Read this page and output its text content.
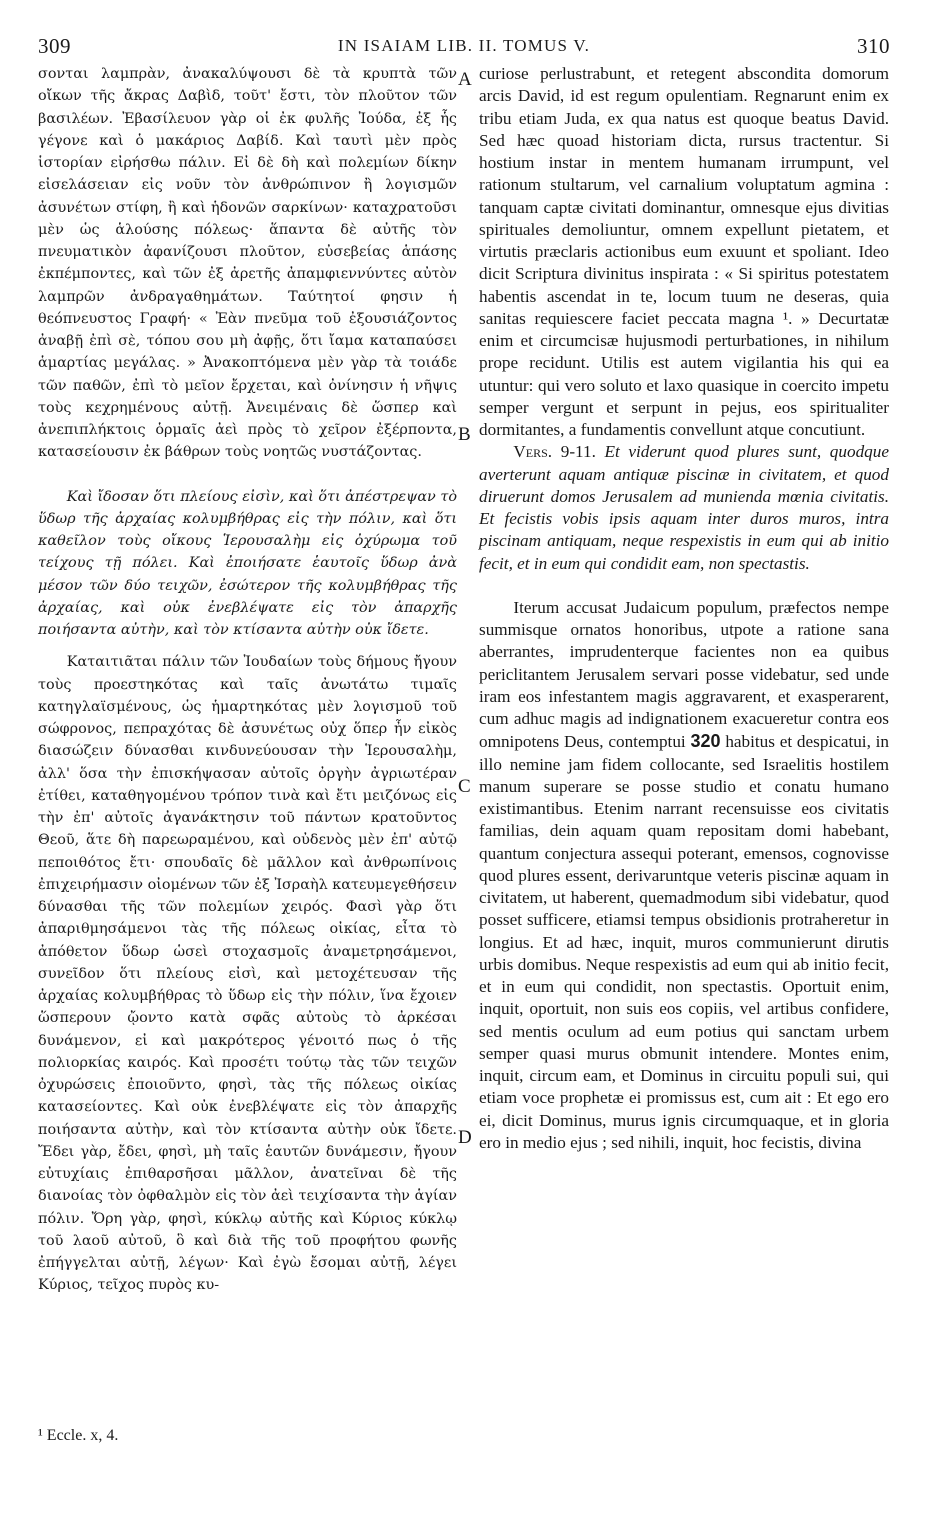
309	IN ISAIAM LIB. II. TOMUS V.	310

σονται λαμπρὰν, ἀνακαλύψουσι δὲ τὰ κρυπτὰ τῶν οἴκων τῆς ἄκρας Δαβὶδ, τοῦτ' ἔστι, τὸν πλοῦτον τῶν βασιλέων. Ἐβασίλευον γὰρ οἱ ἐκ φυλῆς Ἰούδα, ἐξ ἧς γέγονε καὶ ὁ μακάριος Δαβίδ. Καὶ ταυτὶ μὲν πρὸς ἱστορίαν εἰρήσθω πάλιν. Εἰ δὲ δὴ καὶ πολεμίων δίκην εἰσελάσειαν εἰς νοῦν τὸν ἀνθρώπινον ἢ λογισμῶν ἀσυνέτων στίφη, ἢ καὶ ἡδονῶν σαρκίνων· καταχρατοῦσι μὲν ὡς ἁλούσης πόλεως· ἅπαντα δὲ αὐτῆς τὸν πνευματικὸν ἀφανίζουσι πλοῦτον, εὐσεβείας ἁπάσης ἐκπέμποντες, καὶ τῶν ἐξ ἀρετῆς ἀπαμφιεννύντες αὐτὸν λαμπρῶν ἀνδραγαθημάτων. Ταύτητοί φησιν ἡ θεόπνευστος Γραφή· « Ἐὰν πνεῦμα τοῦ ἐξουσιάζοντος ἀναβῇ ἐπὶ σὲ, τόπου σου μὴ ἀφῇς, ὅτι ἴαμα καταπαύσει ἁμαρτίας μεγάλας. » Ἀνακοπτόμενα μὲν γὰρ τὰ τοιάδε τῶν παθῶν, ἐπὶ τὸ μεῖον ἔρχεται, καὶ ὀνίνησιν ἡ νῆψις τοὺς κεχρημένους αὐτῇ. Ἀνειμέναις δὲ ὥσπερ καὶ ἀνεπιπλήκτοις ὁρμαῖς ἀεὶ πρὸς τὸ χεῖρον ἐξέρποντα, κατασείουσιν ἐκ βάθρων τοὺς νοητῶς νυστάζοντας.

Καὶ ἴδοσαν ὅτι πλείους εἰσὶν, καὶ ὅτι ἀπέστρεψαν τὸ ὕδωρ τῆς ἀρχαίας κολυμβήθρας εἰς τὴν πόλιν, καὶ ὅτι καθεῖλον τοὺς οἴκους Ἱερουσαλὴμ εἰς ὀχύρωμα τοῦ τείχους τῇ πόλει. Καὶ ἐποιήσατε ἑαυτοῖς ὕδωρ ἀνὰ μέσον τῶν δύο τειχῶν, ἐσώτερον τῆς κολυμβήθρας τῆς ἀρχαίας, καὶ οὐκ ἐνεβλέψατε εἰς τὸν ἀπαρχῆς ποιήσαντα αὐτὴν, καὶ τὸν κτίσαντα αὐτὴν οὐκ ἴδετε.

Καταιτιᾶται πάλιν τῶν Ἰουδαίων τοὺς δήμους ἤγουν τοὺς προεστηκότας καὶ ταῖς ἀνωτάτω τιμαῖς κατηγλαϊσμένους, ὡς ἡμαρτηκότας μὲν λογισμοῦ τοῦ σώφρονος, πεπραχότας δὲ ἀσυνέτως οὐχ ὅπερ ἦν εἰκὸς διασώζειν δύνασθαι κινδυνεύουσαν τὴν Ἱερουσαλὴμ, ἀλλ' ὅσα τὴν ἐπισκήψασαν αὐτοῖς ὀργὴν ἀγριωτέραν ἐτίθει, καταθηγομένου τρόπον τινὰ καὶ ἔτι μειζόνως εἰς τὴν ἐπ' αὐτοῖς ἀγανάκτησιν τοῦ πάντων κρατοῦντος Θεοῦ, ἅτε δὴ παρεωραμένου, καὶ οὐδενὸς μὲν ἐπ' αὐτῷ πεποιθότος ἔτι· σπουδαῖς δὲ μᾶλλον καὶ ἀνθρωπίνοις ἐπιχειρήμασιν οἰομένων τῶν ἐξ Ἰσραὴλ κατευμεγεθήσειν δύνασθαι τῆς τῶν πολεμίων χειρός. Φασὶ γὰρ ὅτι ἀπαριθμησάμενοι τὰς τῆς πόλεως οἰκίας, εἶτα τὸ ἀπόθετον ὕδωρ ὡσεὶ στοχασμοῖς ἀναμετρησάμενοι, συνεῖδον ὅτι πλείους εἰσὶ, καὶ μετοχέτευσαν τῆς ἀρχαίας κολυμβήθρας τὸ ὕδωρ εἰς τὴν πόλιν, ἵνα ἔχοιεν ὥσπερουν ᾤοντο κατὰ σφᾶς αὐτοὺς τὸ ἀρκέσαι δυνάμενον, εἰ καὶ μακρότερος γένοιτό πως ὁ τῆς πολιορκίας καιρός. Καὶ προσέτι τούτῳ τὰς τῶν τειχῶν ὀχυρώσεις ἐποιοῦντο, φησὶ, τὰς τῆς πόλεως οἰκίας κατασείοντες. Καὶ οὐκ ἐνεβλέψατε εἰς τὸν ἀπαρχῆς ποιήσαντα αὐτὴν, καὶ τὸν κτίσαντα αὐτὴν οὐκ ἴδετε. Ἔδει γὰρ, ἔδει, φησὶ, μὴ ταῖς ἑαυτῶν δυνάμεσιν, ἤγουν εὐτυχίαις ἐπιθαρσῆσαι μᾶλλον, ἀνατεῖναι δὲ τῆς διανοίας τὸν ὀφθαλμὸν εἰς τὸν ἀεὶ τειχίσαντα τὴν ἁγίαν πόλιν. Ὄρη γὰρ, φησὶ, κύκλῳ αὐτῆς καὶ Κύριος κύκλῳ τοῦ λαοῦ αὐτοῦ, ὃ καὶ διὰ τῆς τοῦ προφήτου φωνῆς ἐπήγγελται αὐτῇ, λέγων· Καὶ ἐγὼ ἔσομαι αὐτῇ, λέγει Κύριος, τεῖχος πυρὸς κυ-

A
B
C
D

curiose perlustrabunt, et retegent abscondita domorum arcis David, id est regum opulentiam. Regnarunt enim ex tribu etiam Juda, ex qua natus est quoque beatus David. Sed hæc quoad historiam dicta, rursus tractentur. Si hostium instar in mentem humanam irrumpunt, vel rationum stultarum, vel carnalium voluptatum agmina : tanquam captæ civitati dominantur, omnesque ejus divitias spirituales demoliuntur, omnem expellunt pietatem, et virtutis præclaris actionibus eum exuunt et spoliant. Ideo dicit Scriptura divinitus inspirata : « Si spiritus potestatem habentis ascendat in te, locum tuum ne deseras, quia sanitas requiescere faciet peccata magna ¹. » Decurtatæ enim et circumcisæ hujusmodi perturbationes, in nihilum prope recidunt. Utilis est autem vigilantia his qui ea utuntur: qui vero soluto et laxo quasique in coercito impetu semper vergunt et serpunt in pejus, eos spiritualiter dormitantes, a fundamentis convellunt atque concutiunt.

Vers. 9-11. Et viderunt quod plures sunt, quodque averterunt aquam antiquæ piscinæ in civitatem, et quod diruerunt domos Jerusalem ad munienda mœnia civitatis. Et fecistis vobis ipsis aquam inter duros muros, intra piscinam antiquam, neque respexistis in eum qui ab initio fecit, et in eum qui condidit eam, non spectastis.

Iterum accusat Judaicum populum, præfectos nempe summisque ornatos honoribus, utpote a ratione sana aberrantes, imprudenterque facientes non ea quibus periclitantem Jerusalem servari posse videbatur, sed unde iram eos infestantem magis aggravarent, et exasperarent, cum adhuc magis ad indignationem exacueretur contra eos omnipotens Deus, contemptui 320 habitus et despicatui, in illo nemine jam fidem collocante, sed Israelitis hostilem manum superare se posse studio et conatu humano existimantibus. Etenim narrant recensuisse eos civitatis familias, dein aquam quam repositam domi habebant, quantum conjectura assequi poterant, emensos, cognovisse quod plures essent, derivaruntque veteris piscinæ aquam in civitatem, ut haberent, quemadmodum sibi videbatur, quod posset sufficere, etiamsi tempus obsidionis protraheretur in longius. Et ad hæc, inquit, muros communierunt dirutis urbis domibus. Neque respexistis ad eum qui ab initio fecit, et in eum qui condidit, non spectastis. Oportuit enim, inquit, oportuit, non suis eos copiis, vel artibus confidere, sed mentis oculum ad eum potius qui sanctam urbem semper quasi murus obmunit intendere. Montes enim, inquit, circum eam, et Dominus in circuitu populi sui, qui etiam voce prophetæ ei promissus est, cum ait : Et ego ero ei, dicit Dominus, murus ignis circumquaque, et in gloria ero in medio ejus ; sed nihili, inquit, hoc fecistis, divina

¹ Eccle. x, 4.
